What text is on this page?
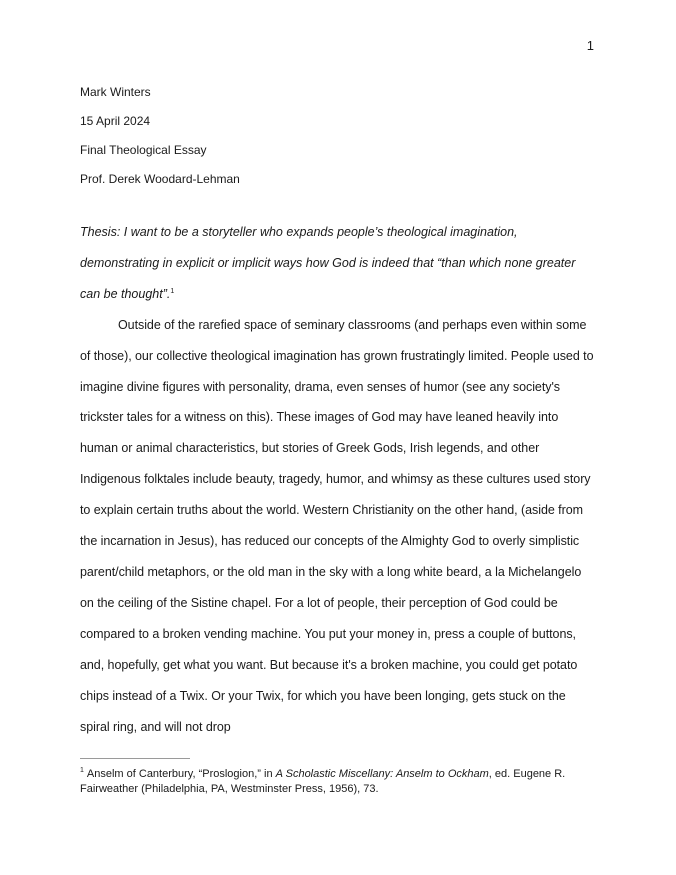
1
Mark Winters
15 April 2024
Final Theological Essay
Prof. Derek Woodard-Lehman

Thesis: I want to be a storyteller who expands people’s theological imagination, demonstrating in explicit or implicit ways how God is indeed that “than which none greater can be thought”.$^1$

Outside of the rarefied space of seminary classrooms (and perhaps even within some of those), our collective theological imagination has grown frustratingly limited. People used to imagine divine figures with personality, drama, even senses of humor (see any society's trickster tales for a witness on this). These images of God may have leaned heavily into human or animal characteristics, but stories of Greek Gods, Irish legends, and other Indigenous folktales include beauty, tragedy, humor, and whimsy as these cultures used story to explain certain truths about the world. Western Christianity on the other hand, (aside from the incarnation in Jesus), has reduced our concepts of the Almighty God to overly simplistic parent/child metaphors, or the old man in the sky with a long white beard, a la Michelangelo on the ceiling of the Sistine chapel. For a lot of people, their perception of God could be compared to a broken vending machine. You put your money in, press a couple of buttons, and, hopefully, get what you want. But because it's a broken machine, you could get potato chips instead of a Twix. Or your Twix, for which you have been longing, gets stuck on the spiral ring, and will not drop

$^1$ Anselm of Canterbury, “Proslogion,” in A Scholastic Miscellany: Anselm to Ockham, ed. Eugene R. Fairweather (Philadelphia, PA, Westminster Press, 1956), 73.
